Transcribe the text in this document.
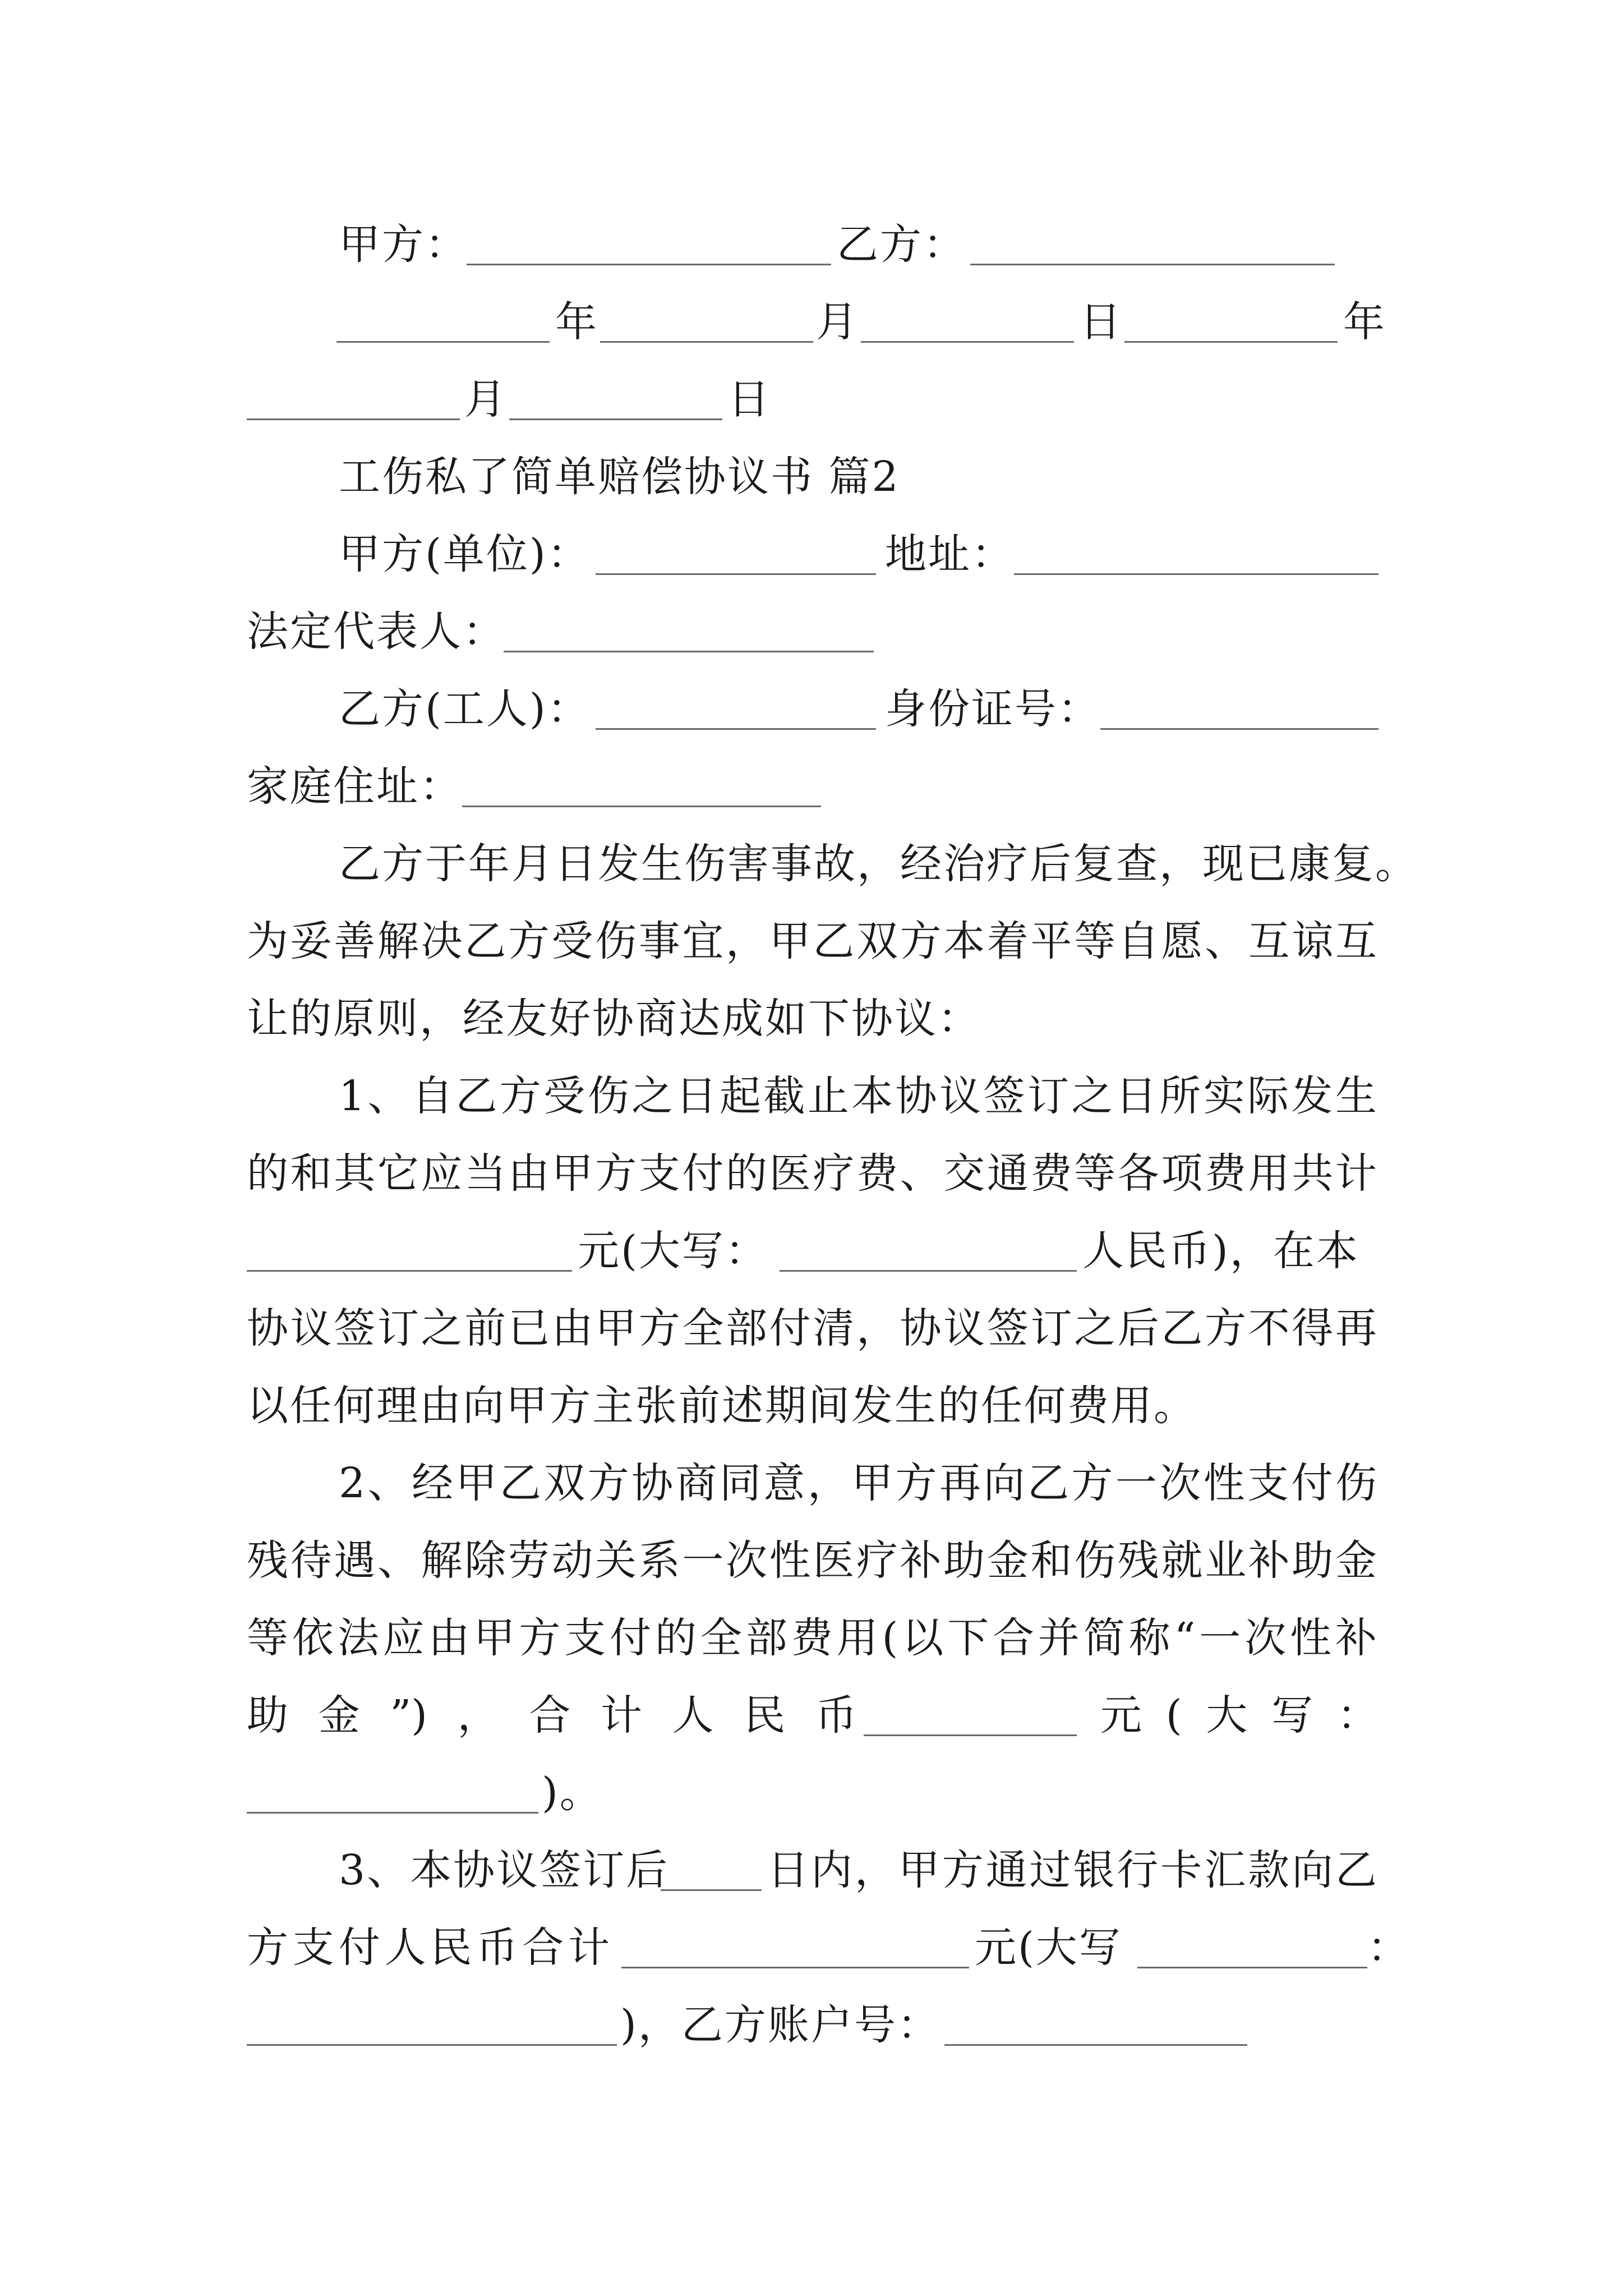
甲方：	乙方：
年	月	日	年
月	日
工伤私了简单赔偿协议书 篇2
甲方(单位)：	地址：
法定代表人：
乙方(工人)：	身份证号：
家庭住址：
乙方于年月日发生伤害事故，经治疗后复查，现已康复。
为妥善解决乙方受伤事宜，甲乙双方本着平等自愿、互谅互
让的原则，经友好协商达成如下协议：
1、自乙方受伤之日起截止本协议签订之日所实际发生
的和其它应当由甲方支付的医疗费、交通费等各项费用共计
元(大写：	人民币)，在本
协议签订之前已由甲方全部付清，协议签订之后乙方不得再
以任何理由向甲方主张前述期间发生的任何费用。
2、经甲乙双方协商同意，甲方再向乙方一次性支付伤
残待遇、解除劳动关系一次性医疗补助金和伤残就业补助金
等依法应由甲方支付的全部费用(以下合并简称“一次性补
助金”)，合计人民币	元(大写：
)。
3、本协议签订后 日内，甲方通过银行卡汇款向乙
方支付人民币合计	元(大写	：
)，乙方账户号：
